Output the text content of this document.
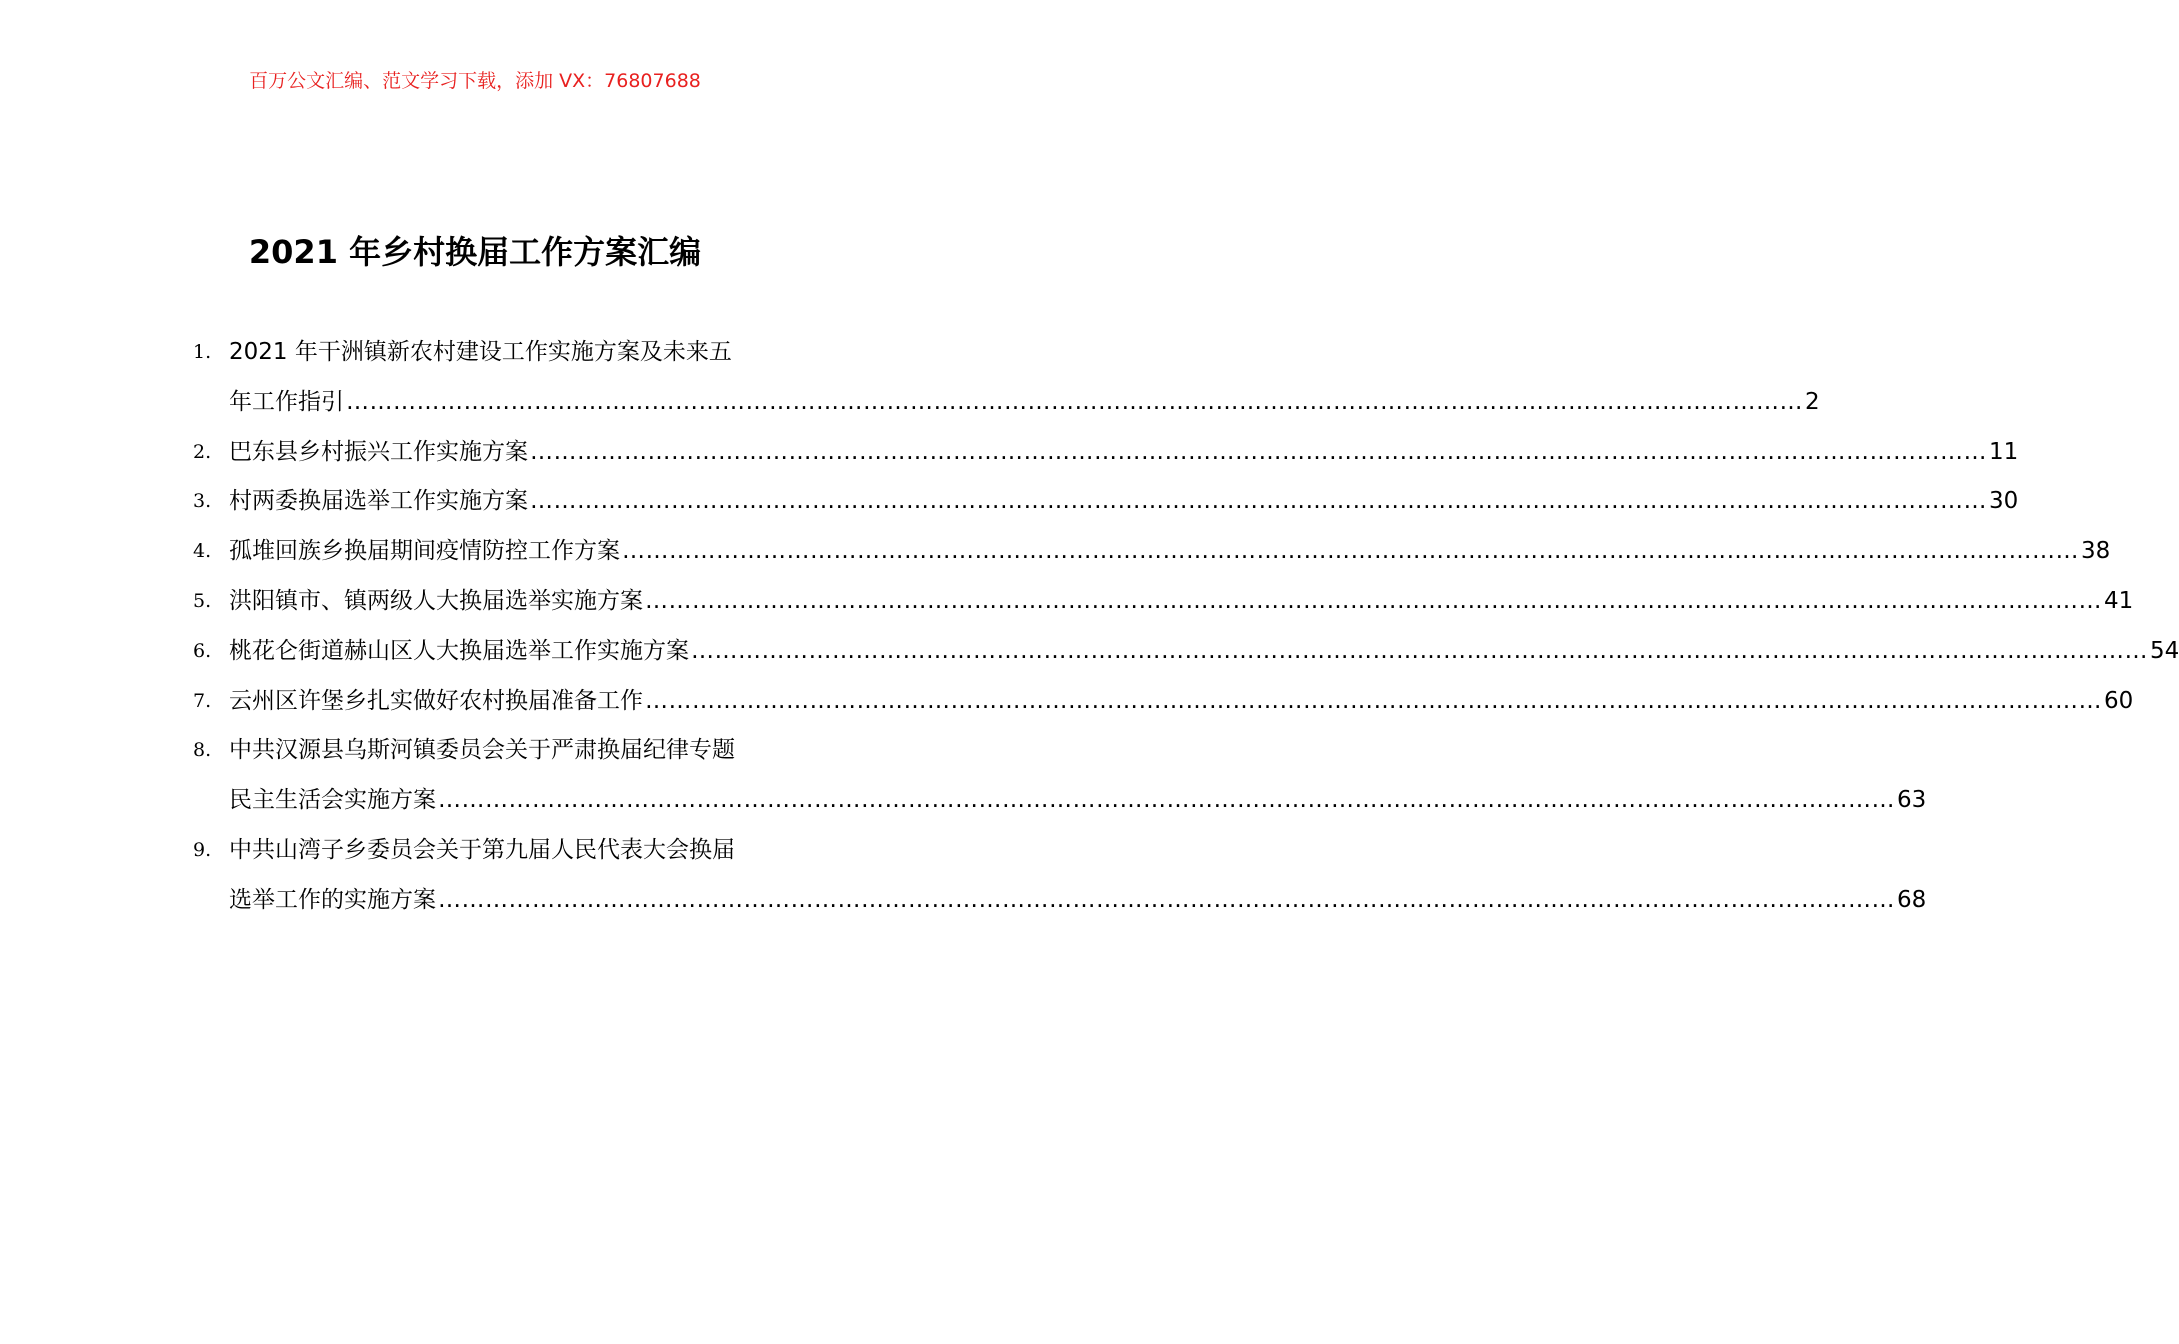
百万公文汇编、范文学习下载，添加 VX：76807688
2021 年乡村换届工作方案汇编
1. 2021 年干洲镇新农村建设工作实施方案及未来五
年工作指引 …………………………………………………………………………………………………………………………………………………………………… 2
2. 巴东县乡村振兴工作实施方案 …………………………………………………………………………………………………………………………………………………………………… 11
3. 村两委换届选举工作实施方案 …………………………………………………………………………………………………………………………………………………………………… 30
4. 孤堆回族乡换届期间疫情防控工作方案 …………………………………………………………………………………………………………………………………………………………………… 38
5. 洪阳镇市、镇两级人大换届选举实施方案 …………………………………………………………………………………………………………………………………………………………………… 41
6. 桃花仑街道赫山区人大换届选举工作实施方案 …………………………………………………………………………………………………………………………………………………………………… 54
7. 云州区许堡乡扎实做好农村换届准备工作 …………………………………………………………………………………………………………………………………………………………………… 60
8. 中共汉源县乌斯河镇委员会关于严肃换届纪律专题
民主生活会实施方案 …………………………………………………………………………………………………………………………………………………………………… 63
9. 中共山湾子乡委员会关于第九届人民代表大会换届
选举工作的实施方案 …………………………………………………………………………………………………………………………………………………………………… 68
